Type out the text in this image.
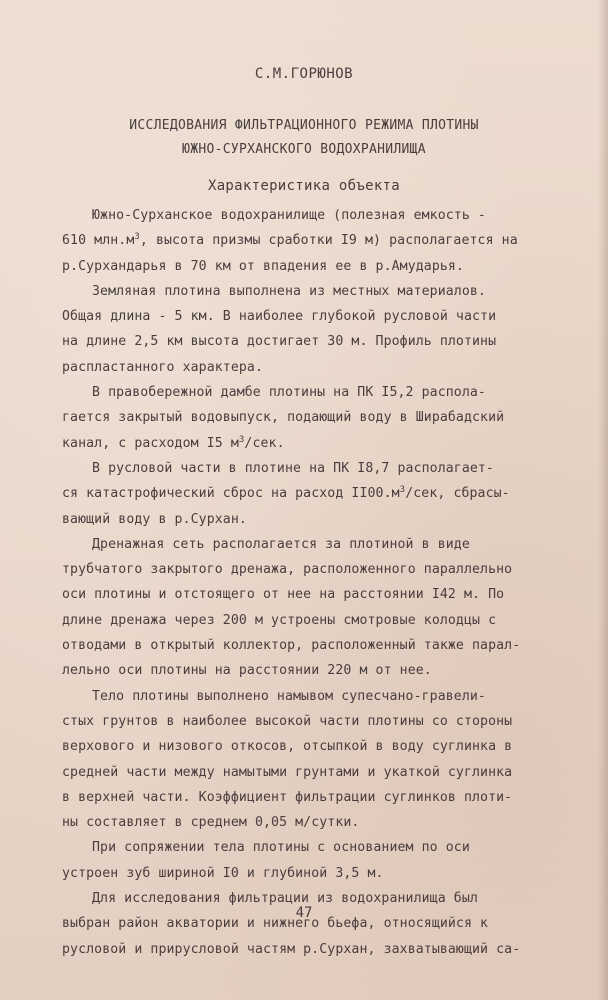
С.М.ГОРЮНОВ
ИССЛЕДОВАНИЯ ФИЛЬТРАЦИОННОГО РЕЖИМА ПЛОТИНЫ
ЮЖНО-СУРХАНСКОГО ВОДОХРАНИЛИЩА
Характеристика объекта
Южно-Сурханское водохранилище (полезная емкость -
610 $млн.м^3$, высота призмы сработки I9 м) располагается на
р.Сурхандарья в 70 км от впадения ее в р.Амударья.
Земляная плотина выполнена из местных материалов.
Общая длина - 5 км. В наиболее глубокой русловой части
на длине 2,5 км высота достигает 30 м. Профиль плотины
распластанного характера.
В правобережной дамбе плотины на ПК I5,2 распола-
гается закрытый водовыпуск, подающий воду в Ширабадский
канал, с расходом I5 $м^3$/сек.
В русловой части в плотине на ПК I8,7 располагает-
ся катастрофический сброс на расход $II00.м^3$/сек, сбрасы-
вающий воду в р.Сурхан.
Дренажная сеть располагается за плотиной в виде
трубчатого закрытого дренажа, расположенного параллельно
оси плотины и отстоящего от нее на расстоянии I42 м. По
длине дренажа через 200 м устроены смотровые колодцы с
отводами в открытый коллектор, расположенный также парал-
лельно оси плотины на расстоянии 220 м от нее.
Тело плотины выполнено намывом супесчано-гравели-
стых грунтов в наиболее высокой части плотины со стороны
верхового и низового откосов, отсыпкой в воду суглинка в
средней части между намытыми грунтами и укаткой суглинка
в верхней части. Коэффициент фильтрации суглинков плоти-
ны составляет в среднем 0,05 м/сутки.
При сопряжении тела плотины с основанием по оси
устроен зуб шириной I0 и глубиной 3,5 м.
Для исследования фильтрации из водохранилища был
выбран район акватории и нижнего бьефа, относящийся к
русловой и прирусловой частям р.Сурхан, захватывающий са-
47
